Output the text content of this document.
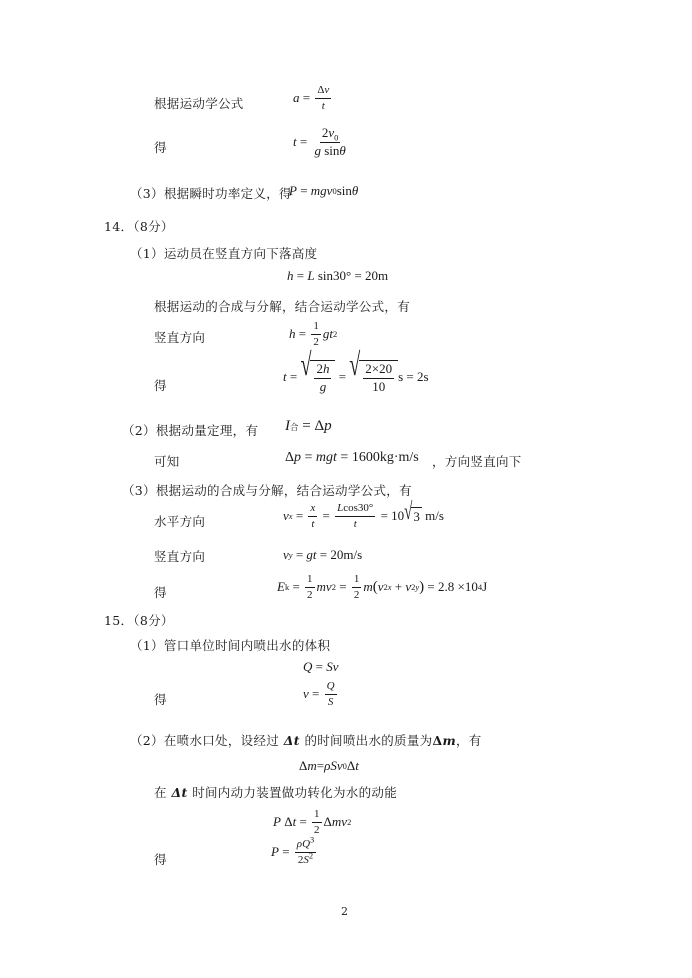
根据运动学公式	$a = \frac{\Delta v}{t}$
得	$t = \frac{2v_0}{\text{g sinθ}}$
（3）根据瞬时功率定义，得
P = mgv 0 sin θ
14．（8分）
（1）运动员在竖直方向下落高度
h = L sin30° = 20m
根据运动的合成与分解，结合运动学公式，有
竖直方向	$h = \frac{1}{2}$ gt 2
得
t = √ $\frac{2h}{g}$ = √ $\frac{2\times 20}{10}$ s = 2s
（2）根据动量定理，有 I 合 = Δ p
可知	Δ p = mgt = 1600kg·m/s ，方向竖直向下
（3）根据运动的合成与分解，结合运动学公式，有
水平方向	v $x = \frac{x}{t} = \frac{Lcos30^\circ}{t} = 10$ √ 3 m/s
竖直方向	v y = gt = 20m/s
得	E $k = \frac{1}{2}$ mv $2 = \frac{1}{2}$ m ( v 2 x + v 2 y ) = 2.8 ×10 4 J
15．（8分）
（1）管口单位时间内喷出水的体积
Q = Sv
得	$v = \frac{Q}{S}$
（2）在喷水口处，设经过 Δt 的时间喷出水的质量为Δm，有
Δ m = ρSv 0 Δ t
在 Δt 时间内动力装置做功转化为水的动能
P Δ $t = \frac{1}{2}$ Δ mv 2
得
$P = \frac{\rho Q^3}{2S^2}$
2
